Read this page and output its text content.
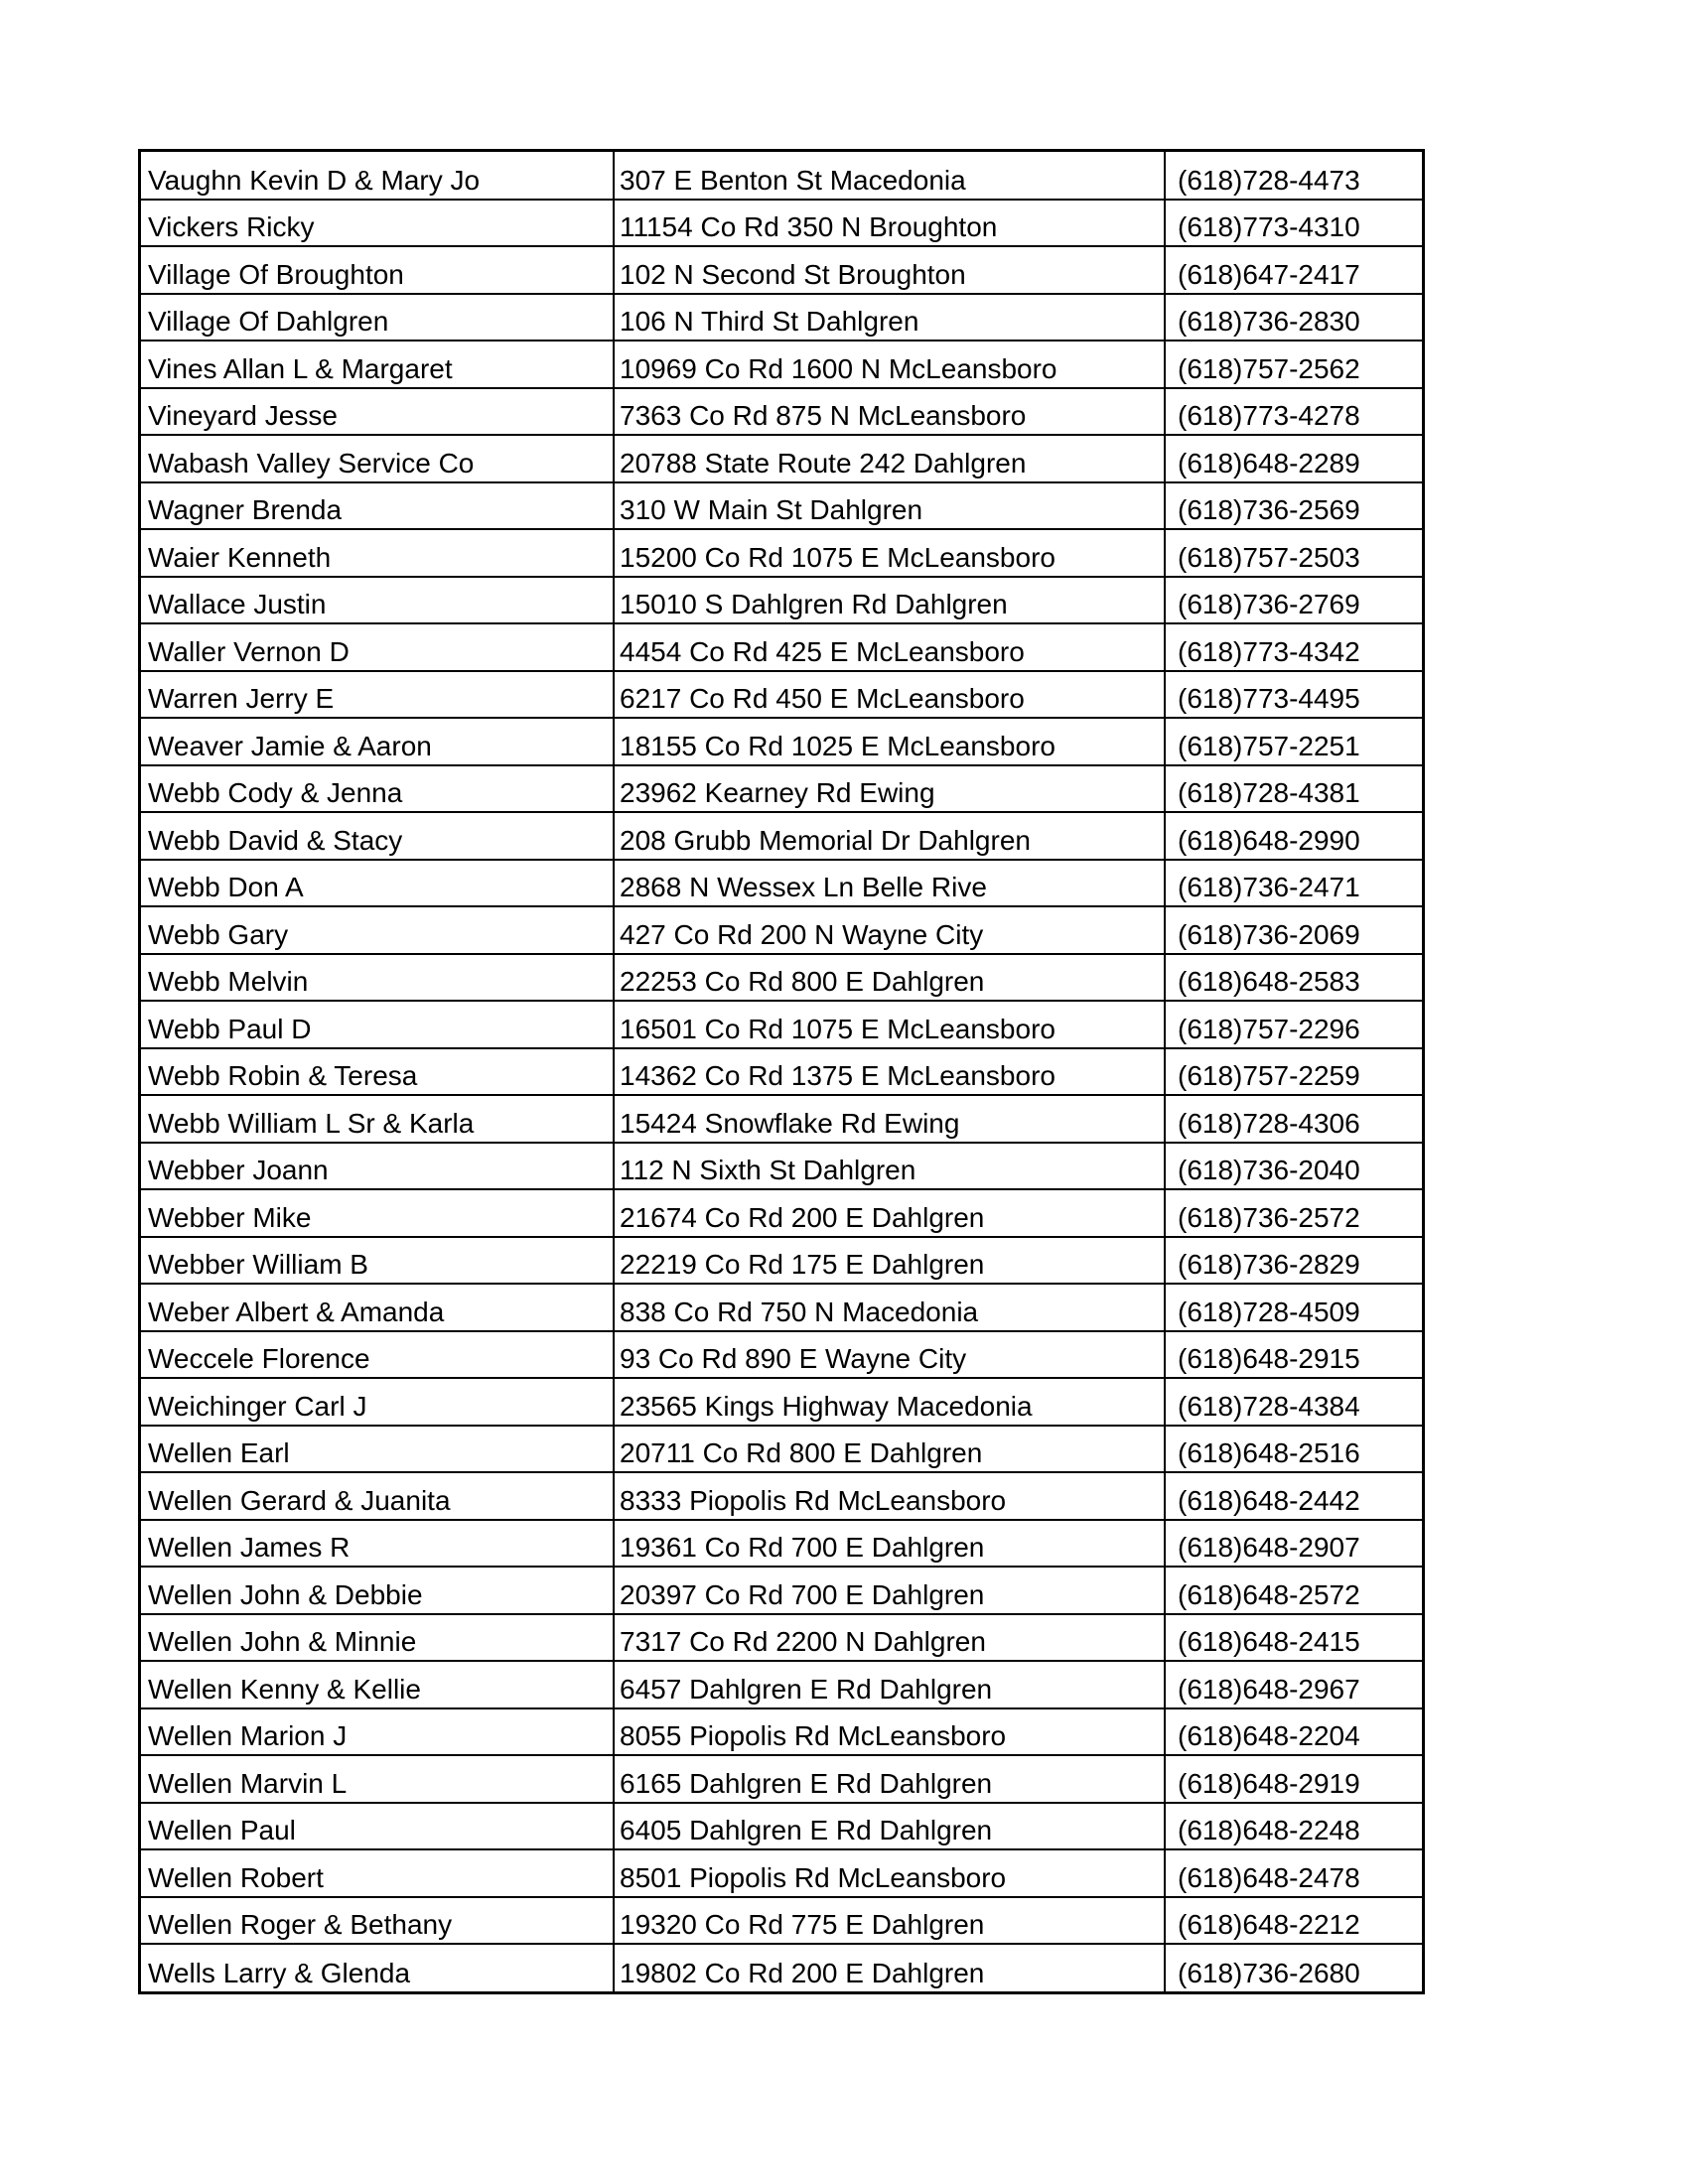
Vaughn Kevin D & Mary Jo	307 E Benton St Macedonia	(618)728-4473
Vickers Ricky	11154 Co Rd 350 N Broughton	(618)773-4310
Village Of Broughton	102 N Second St Broughton	(618)647-2417
Village Of Dahlgren	106 N Third St Dahlgren	(618)736-2830
Vines Allan L & Margaret	10969 Co Rd 1600 N McLeansboro	(618)757-2562
Vineyard Jesse	7363 Co Rd 875 N McLeansboro	(618)773-4278
Wabash Valley Service Co	20788 State Route 242 Dahlgren	(618)648-2289
Wagner Brenda	310 W Main St Dahlgren	(618)736-2569
Waier Kenneth	15200 Co Rd 1075 E McLeansboro	(618)757-2503
Wallace Justin	15010 S Dahlgren Rd Dahlgren	(618)736-2769
Waller Vernon D	4454 Co Rd 425 E McLeansboro	(618)773-4342
Warren Jerry E	6217 Co Rd 450 E McLeansboro	(618)773-4495
Weaver Jamie & Aaron	18155 Co Rd 1025 E McLeansboro	(618)757-2251
Webb Cody & Jenna	23962 Kearney Rd Ewing	(618)728-4381
Webb David & Stacy	208 Grubb Memorial Dr Dahlgren	(618)648-2990
Webb Don A	2868 N Wessex Ln Belle Rive	(618)736-2471
Webb Gary	427 Co Rd 200 N Wayne City	(618)736-2069
Webb Melvin	22253 Co Rd 800 E Dahlgren	(618)648-2583
Webb Paul D	16501 Co Rd 1075 E McLeansboro	(618)757-2296
Webb Robin & Teresa	14362 Co Rd 1375 E McLeansboro	(618)757-2259
Webb William L Sr & Karla	15424 Snowflake Rd Ewing	(618)728-4306
Webber Joann	112 N Sixth St Dahlgren	(618)736-2040
Webber Mike	21674 Co Rd 200 E Dahlgren	(618)736-2572
Webber William B	22219 Co Rd 175 E Dahlgren	(618)736-2829
Weber Albert & Amanda	838 Co Rd 750 N Macedonia	(618)728-4509
Weccele Florence	93 Co Rd 890 E Wayne City	(618)648-2915
Weichinger Carl J	23565 Kings Highway Macedonia	(618)728-4384
Wellen Earl	20711 Co Rd 800 E Dahlgren	(618)648-2516
Wellen Gerard & Juanita	8333 Piopolis Rd McLeansboro	(618)648-2442
Wellen James R	19361 Co Rd 700 E Dahlgren	(618)648-2907
Wellen John & Debbie	20397 Co Rd 700 E Dahlgren	(618)648-2572
Wellen John & Minnie	7317 Co Rd 2200 N Dahlgren	(618)648-2415
Wellen Kenny & Kellie	6457 Dahlgren E Rd Dahlgren	(618)648-2967
Wellen Marion J	8055 Piopolis Rd McLeansboro	(618)648-2204
Wellen Marvin L	6165 Dahlgren E Rd Dahlgren	(618)648-2919
Wellen Paul	6405 Dahlgren E Rd Dahlgren	(618)648-2248
Wellen Robert	8501 Piopolis Rd McLeansboro	(618)648-2478
Wellen Roger & Bethany	19320 Co Rd 775 E Dahlgren	(618)648-2212
Wells Larry & Glenda	19802 Co Rd 200 E Dahlgren	(618)736-2680
